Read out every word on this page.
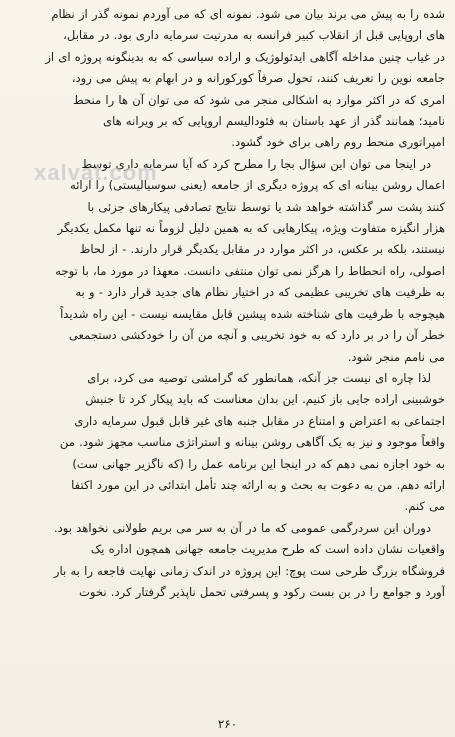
شده را به پیش می برند بیان می شود. نمونه ای که می آوردم نمونه گذر از نظام
های اروپایی قبل از انقلاب کبیر فرانسه به مدرنیت سرمایه داری بود. در مقابل،
در غیاب چنین مداخله آگاهی ایدئولوژیک و اراده سیاسی که به بدینگونه پروژه ای از
جامعه نوین را تعریف کنند، تحول صرفاً کورکورانه و در ابهام به پیش می رود،
امری که در اکثر موارد به اشکالی منجر می شود که می توان آن ها را منحط
نامید؛ همانند گذر از عهد باستان به فئودالیسم اروپایی که بر ویرانه های
امپراتوری منحط روم راهی برای خود گشود.
در اینجا می توان این سؤال بجا را مطرح کرد که آیا سرمایه داری توسط
اعمال روشن بینانه ای که پروژه دیگری از جامعه (یعنی سوسیالیستی) را ارائه
کنند پشت سر گذاشته خواهد شد یا توسط نتایج تصادفی پیکارهای جزئی با
هزار انگیزه متفاوت ویژه، پیکارهایی که به همین دلیل لزوماً نه تنها مکمل یکدیگر
نیستند، بلکه بر عکس، در اکثر موارد در مقابل یکدیگر قرار دارند. - از لحاظ
اصولی، راه انحطاط را هرگز نمی توان منتفی دانست. معهذا در مورد ما، با توجه
به ظرفیت های تخریبی عظیمی که در اختیار نظام های جدید قرار دارد - و به
هیچوجه با ظرفیت های شناخته شده پیشین قابل مقایسه نیست - این راه شدیداً
خطر آن را در بر دارد که به خود تخریبی و آنچه من آن را خودکشی دستجمعی
می نامم منجر شود.
لذا چاره ای نیست جز آنکه، همانطور که گرامشی توصیه می کرد، برای
خوشبینی اراده جایی باز کنیم. این بدان معناست که باید پیکار کرد تا جنبش
اجتماعی به اعتراض و امتناع در مقابل جنبه های غیر قابل قبول سرمایه داری
واقعاً موجود و نیز به یک آگاهی روشن بینانه و استراتژی مناسب مجهز شود. من
به خود اجازه نمی دهم که در اینجا این برنامه عمل را (که ناگزیر جهانی ست)
ارائه دهم. من به دعوت به بحث و به ارائه چند تأمل ابتدائی در این مورد اکتفا
می کنم.
دوران این سردرگمی عمومی که ما در آن به سر می بریم طولانی نخواهد بود.
واقعیات نشان داده است که طرح مدیریت جامعه جهانی همچون اداره یک
فروشگاه بزرگ طرحی ست پوچ: این پروژه در اندک زمانی نهایت فاجعه را به بار
آورد و جوامع را در بن بست رکود و پسرفتی تحمل ناپذیر گرفتار کرد. نخوت
xalvat.com
۲۶۰
